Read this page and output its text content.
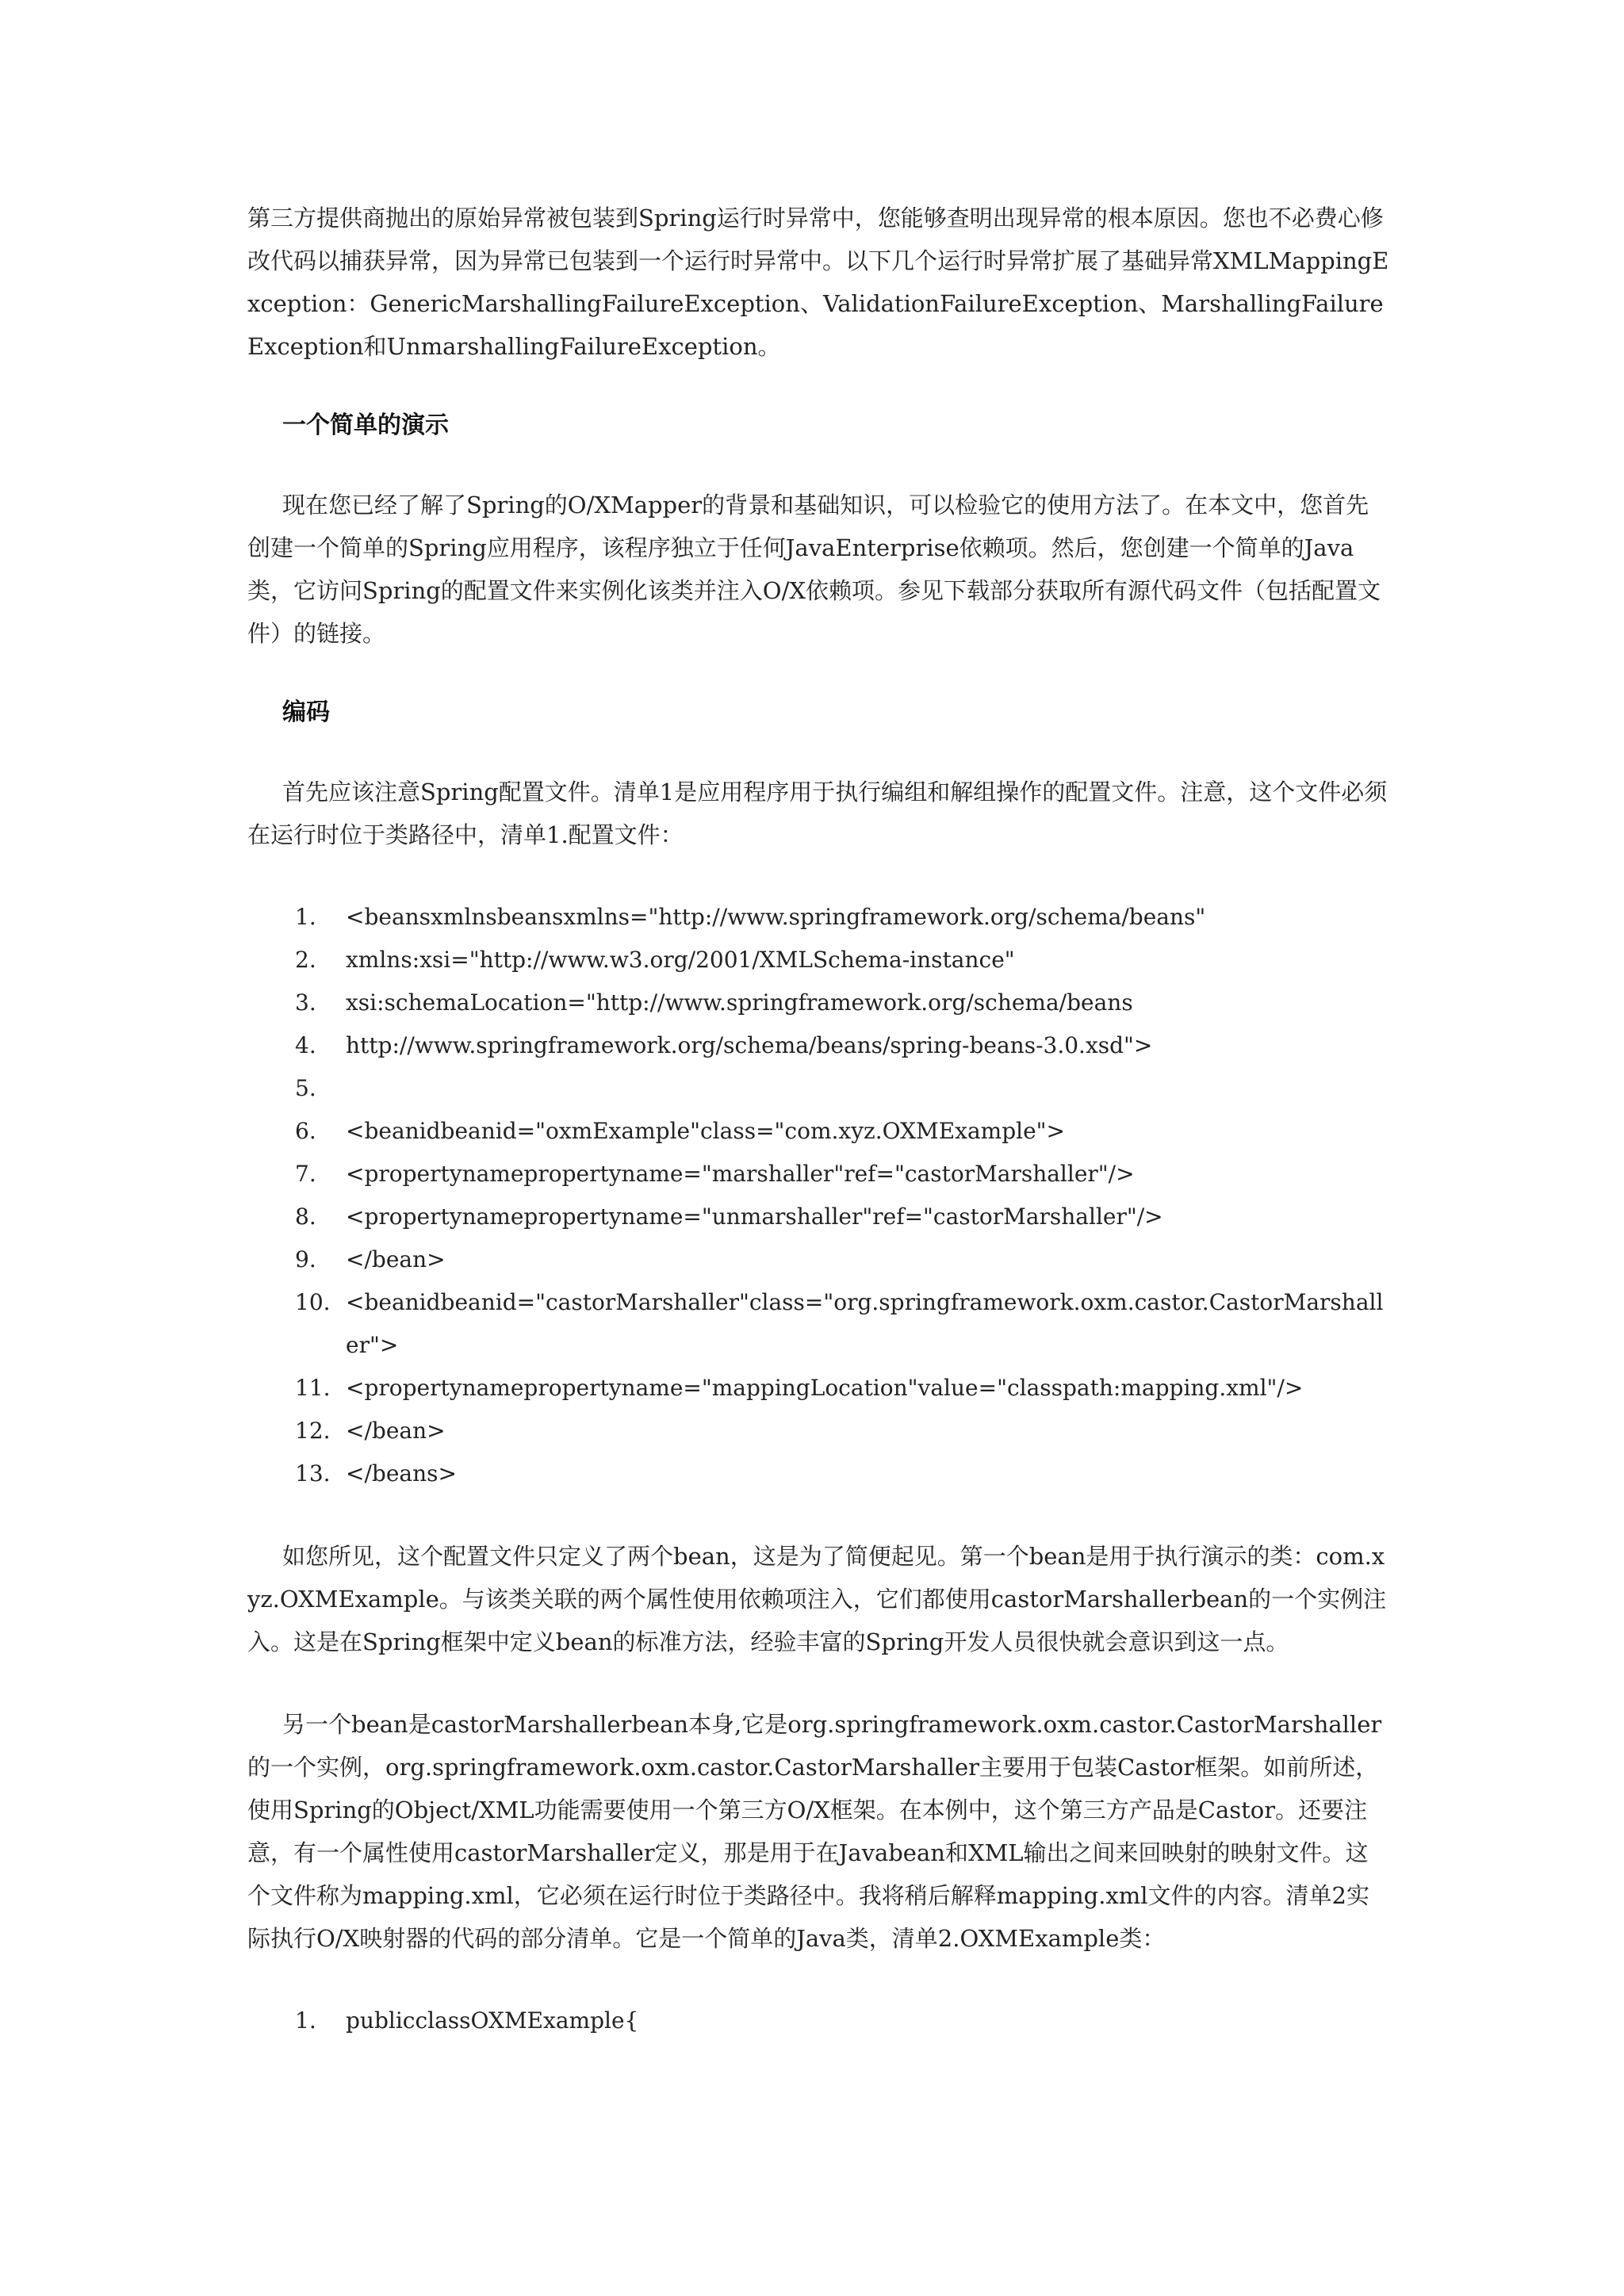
第三方提供商抛出的原始异常被包装到Spring运行时异常中，您能够查明出现异常的根本原因。您也不必费心修改代码以捕获异常，因为异常已包装到一个运行时异常中。以下几个运行时异常扩展了基础异常XMLMappingException：GenericMarshallingFailureException、ValidationFailureException、MarshallingFailureException和UnmarshallingFailureException。

一个简单的演示

现在您已经了解了Spring的O/XMapper的背景和基础知识，可以检验它的使用方法了。在本文中，您首先创建一个简单的Spring应用程序，该程序独立于任何JavaEnterprise依赖项。然后，您创建一个简单的Java类，它访问Spring的配置文件来实例化该类并注入O/X依赖项。参见下载部分获取所有源代码文件（包括配置文件）的链接。

编码

首先应该注意Spring配置文件。清单1是应用程序用于执行编组和解组操作的配置文件。注意，这个文件必须在运行时位于类路径中，清单1.配置文件：

1.	<beansxmlnsbeansxmlns="http://www.springframework.org/schema/beans"
2.	xmlns:xsi="http://www.w3.org/2001/XMLSchema-instance"
3.	xsi:schemaLocation="http://www.springframework.org/schema/beans
4.	http://www.springframework.org/schema/beans/spring-beans-3.0.xsd">
5.
6.	<beanidbeanid="oxmExample"class="com.xyz.OXMExample">
7.	<propertynamepropertyname="marshaller"ref="castorMarshaller"/>
8.	<propertynamepropertyname="unmarshaller"ref="castorMarshaller"/>
9.	</bean>
10. <beanidbeanid="castorMarshaller"class="org.springframework.oxm.castor.CastorMarshaller">
11. <propertynamepropertyname="mappingLocation"value="classpath:mapping.xml"/>
12. </bean>
13. </beans>

如您所见，这个配置文件只定义了两个bean，这是为了简便起见。第一个bean是用于执行演示的类：com.xyz.OXMExample。与该类关联的两个属性使用依赖项注入，它们都使用castorMarshallerbean的一个实例注入。这是在Spring框架中定义bean的标准方法，经验丰富的Spring开发人员很快就会意识到这一点。

另一个bean是castorMarshallerbean本身,它是org.springframework.oxm.castor.CastorMarshaller的一个实例，org.springframework.oxm.castor.CastorMarshaller主要用于包装Castor框架。如前所述，使用Spring的Object/XML功能需要使用一个第三方O/X框架。在本例中，这个第三方产品是Castor。还要注意，有一个属性使用castorMarshaller定义，那是用于在Javabean和XML输出之间来回映射的映射文件。这个文件称为mapping.xml，它必须在运行时位于类路径中。我将稍后解释mapping.xml文件的内容。清单2实际执行O/X映射器的代码的部分清单。它是一个简单的Java类，清单2.OXMExample类：

1.	publicclassOXMExample{
